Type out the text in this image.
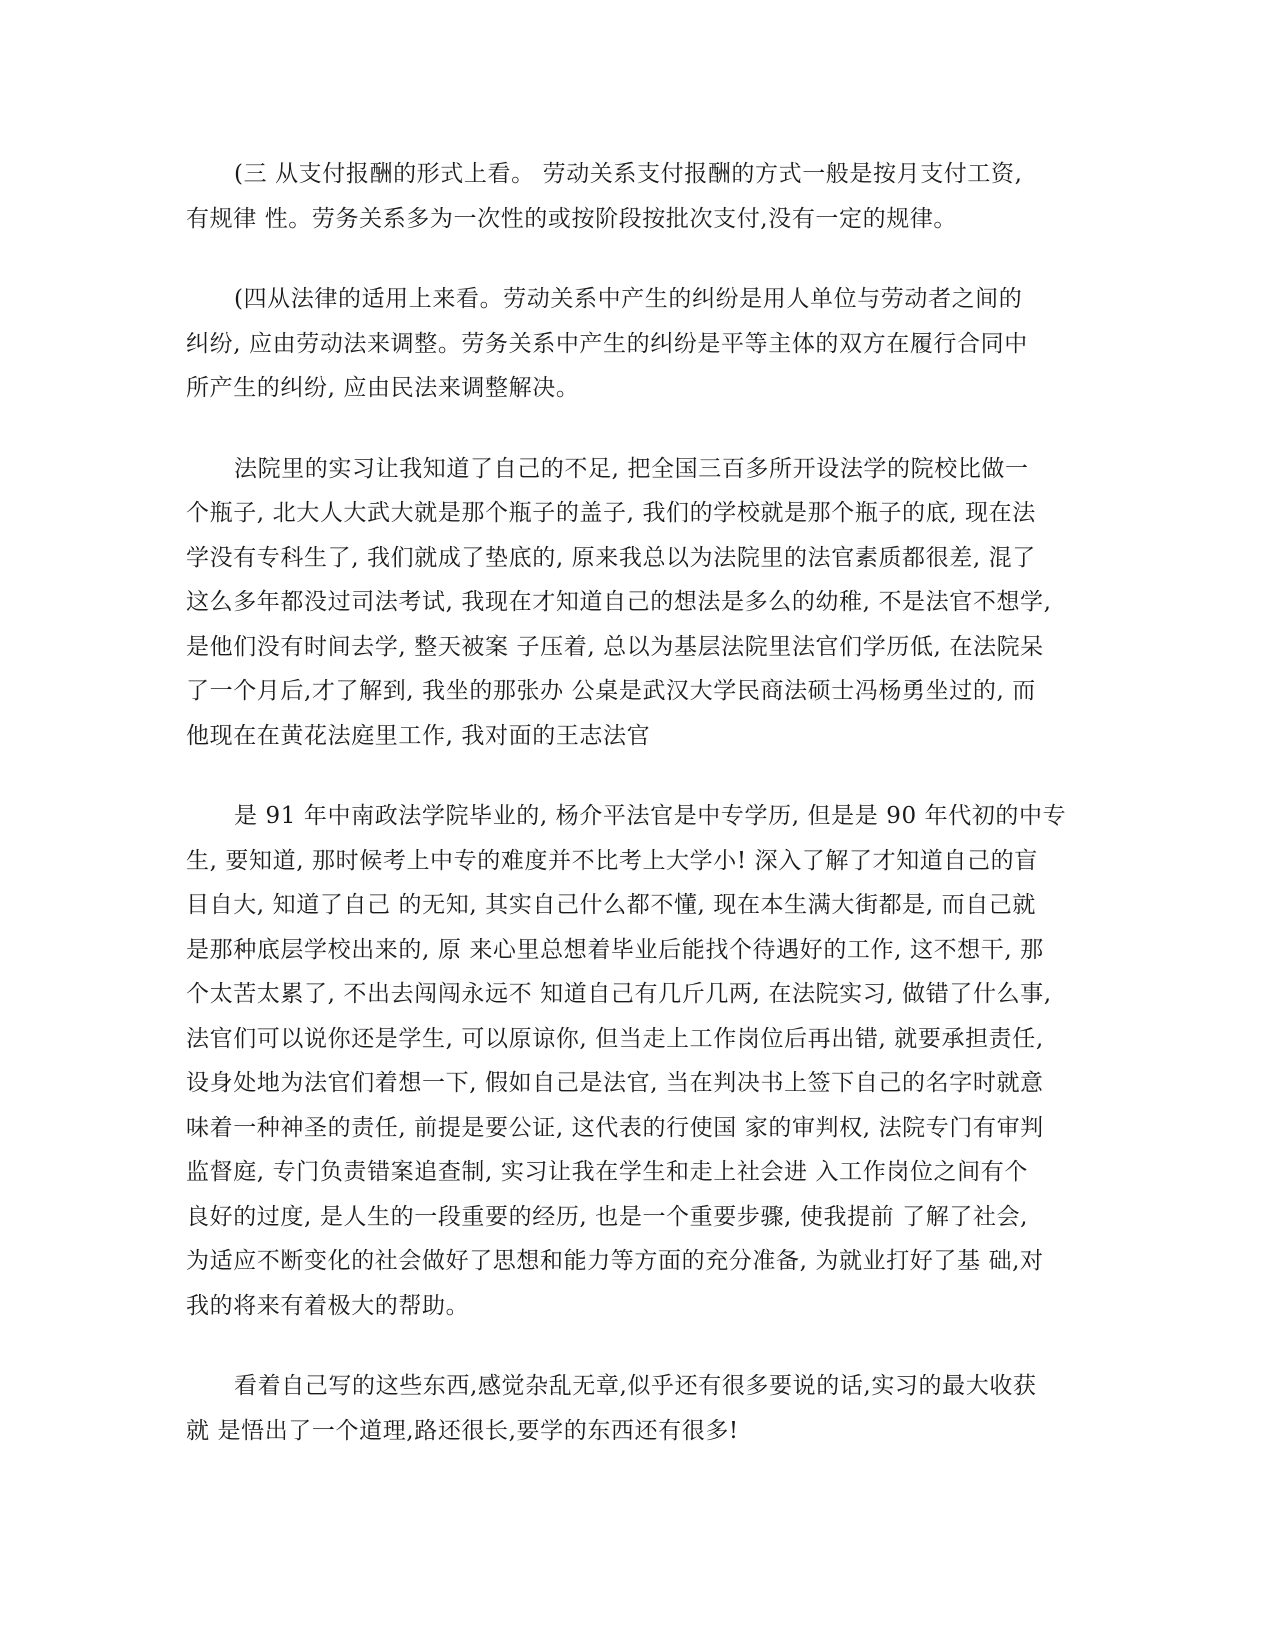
(三 从支付报酬的形式上看。 劳动关系支付报酬的方式一般是按月支付工资,
有规律 性。劳务关系多为一次性的或按阶段按批次支付,没有一定的规律。
(四从法律的适用上来看。劳动关系中产生的纠纷是用人单位与劳动者之间的
纠纷, 应由劳动法来调整。劳务关系中产生的纠纷是平等主体的双方在履行合同中
所产生的纠纷, 应由民法来调整解决。
法院里的实习让我知道了自己的不足, 把全国三百多所开设法学的院校比做一
个瓶子, 北大人大武大就是那个瓶子的盖子, 我们的学校就是那个瓶子的底, 现在法
学没有专科生了, 我们就成了垫底的, 原来我总以为法院里的法官素质都很差, 混了
这么多年都没过司法考试, 我现在才知道自己的想法是多么的幼稚, 不是法官不想学,
是他们没有时间去学, 整天被案 子压着, 总以为基层法院里法官们学历低, 在法院呆
了一个月后,才了解到, 我坐的那张办 公桌是武汉大学民商法硕士冯杨勇坐过的, 而
他现在在黄花法庭里工作, 我对面的王志法官
是 91 年中南政法学院毕业的, 杨介平法官是中专学历, 但是是 90 年代初的中专
生, 要知道, 那时候考上中专的难度并不比考上大学小! 深入了解了才知道自己的盲
目自大, 知道了自己 的无知, 其实自己什么都不懂, 现在本生满大街都是, 而自己就
是那种底层学校出来的, 原 来心里总想着毕业后能找个待遇好的工作, 这不想干, 那
个太苦太累了, 不出去闯闯永远不 知道自己有几斤几两, 在法院实习, 做错了什么事,
法官们可以说你还是学生, 可以原谅你, 但当走上工作岗位后再出错, 就要承担责任,
设身处地为法官们着想一下, 假如自己是法官, 当在判决书上签下自己的名字时就意
味着一种神圣的责任, 前提是要公证, 这代表的行使国 家的审判权, 法院专门有审判
监督庭, 专门负责错案追查制, 实习让我在学生和走上社会进 入工作岗位之间有个
良好的过度, 是人生的一段重要的经历, 也是一个重要步骤, 使我提前 了解了社会,
为适应不断变化的社会做好了思想和能力等方面的充分准备, 为就业打好了基 础,对
我的将来有着极大的帮助。
看着自己写的这些东西,感觉杂乱无章,似乎还有很多要说的话,实习的最大收获
就 是悟出了一个道理,路还很长,要学的东西还有很多!
